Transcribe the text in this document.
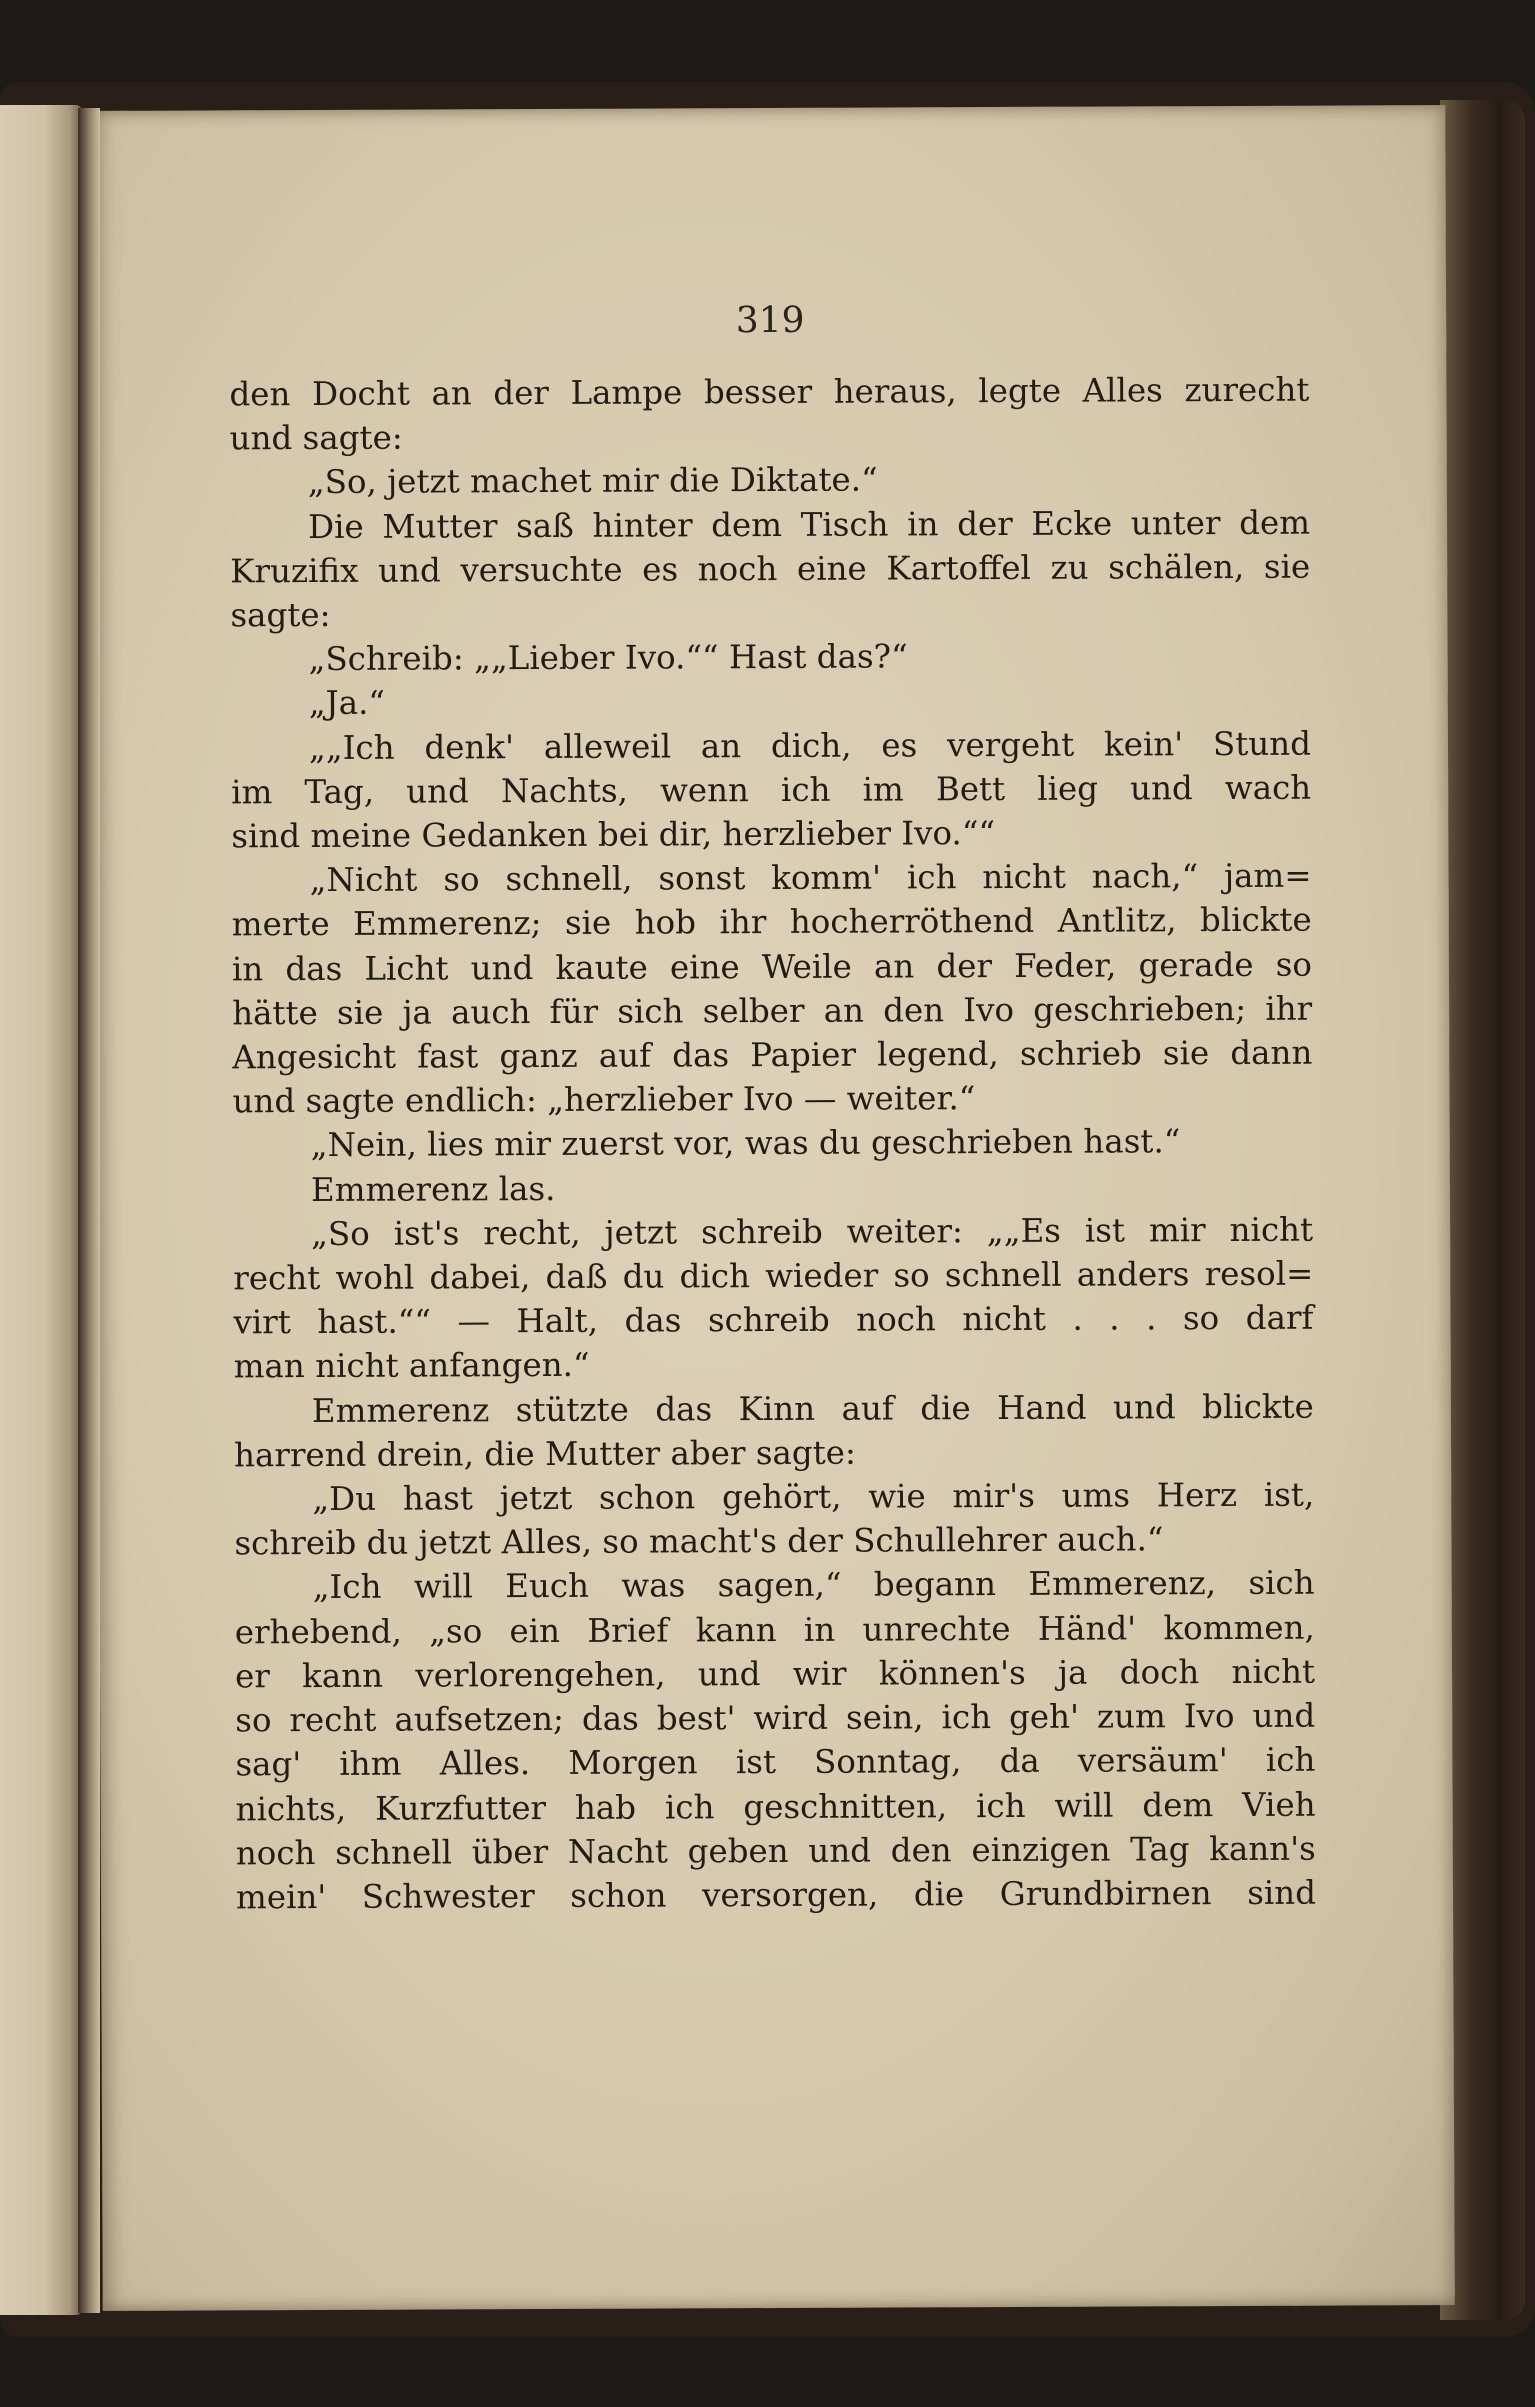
319

den Docht an der Lampe besser heraus, legte Alles zurecht
und sagte:
„So, jetzt machet mir die Diktate.“
Die Mutter saß hinter dem Tisch in der Ecke unter dem
Kruzifix und versuchte es noch eine Kartoffel zu schälen, sie
sagte:
„Schreib: „„Lieber Ivo.““ Hast das?“
„Ja.“
„„Ich denk' alleweil an dich, es vergeht kein' Stund
im Tag, und Nachts, wenn ich im Bett lieg und wach
sind meine Gedanken bei dir, herzlieber Ivo.““
„Nicht so schnell, sonst komm' ich nicht nach,“ jam=
merte Emmerenz; sie hob ihr hocherröthend Antlitz, blickte
in das Licht und kaute eine Weile an der Feder, gerade so
hätte sie ja auch für sich selber an den Ivo geschrieben; ihr
Angesicht fast ganz auf das Papier legend, schrieb sie dann
und sagte endlich: „herzlieber Ivo — weiter.“
„Nein, lies mir zuerst vor, was du geschrieben hast.“
Emmerenz las.
„So ist's recht, jetzt schreib weiter: „„Es ist mir nicht
recht wohl dabei, daß du dich wieder so schnell anders resol=
virt hast.““ — Halt, das schreib noch nicht . . . so darf
man nicht anfangen.“
Emmerenz stützte das Kinn auf die Hand und blickte
harrend drein, die Mutter aber sagte:
„Du hast jetzt schon gehört, wie mir's ums Herz ist,
schreib du jetzt Alles, so macht's der Schullehrer auch.“
„Ich will Euch was sagen,“ begann Emmerenz, sich
erhebend, „so ein Brief kann in unrechte Händ' kommen,
er kann verlorengehen, und wir können's ja doch nicht
so recht aufsetzen; das best' wird sein, ich geh' zum Ivo und
sag' ihm Alles. Morgen ist Sonntag, da versäum' ich
nichts, Kurzfutter hab ich geschnitten, ich will dem Vieh
noch schnell über Nacht geben und den einzigen Tag kann's
mein' Schwester schon versorgen, die Grundbirnen sind
